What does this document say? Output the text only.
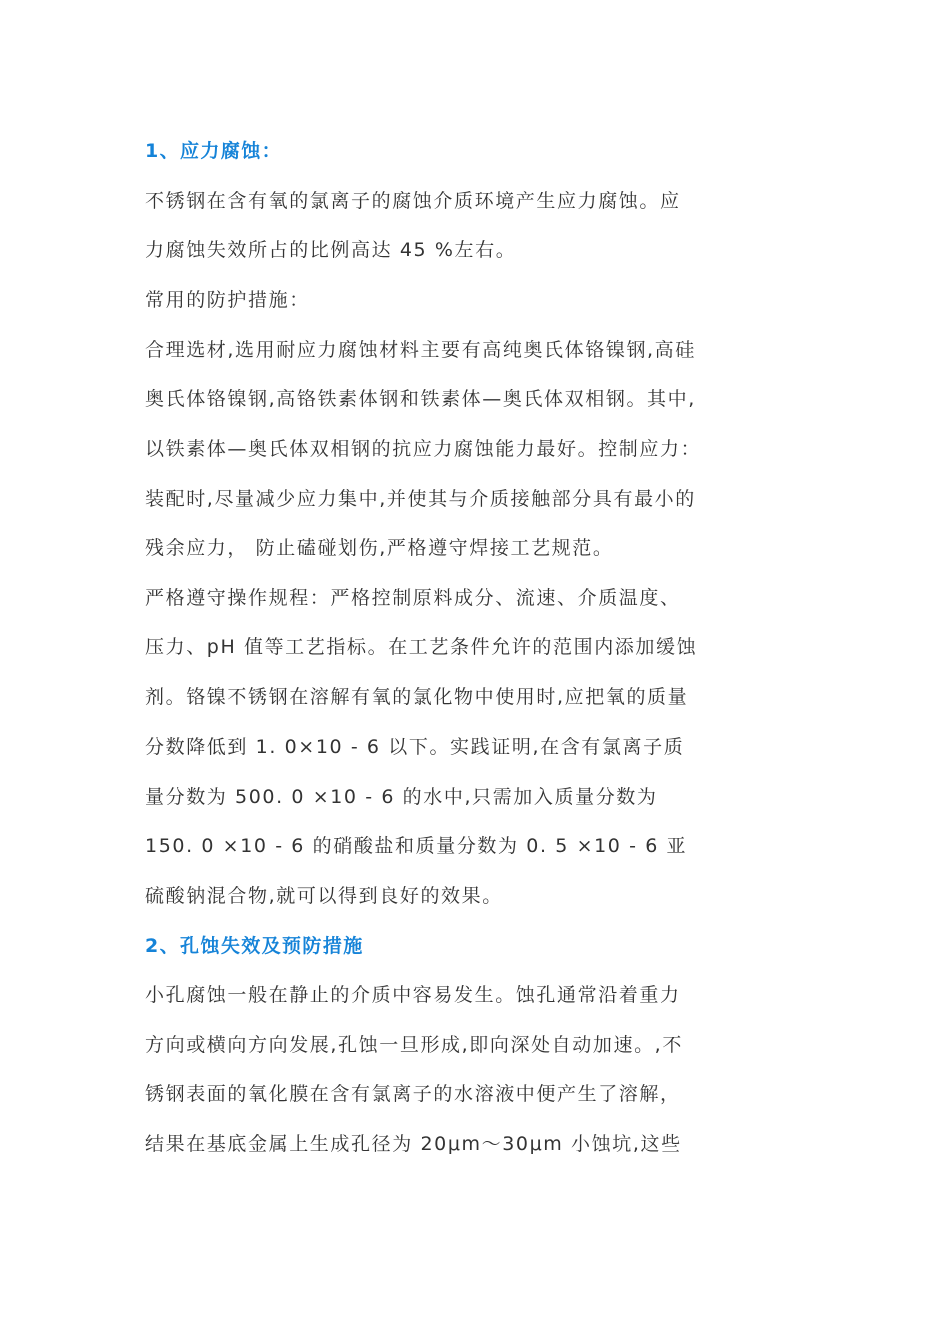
1、应力腐蚀：
不锈钢在含有氧的氯离子的腐蚀介质环境产生应力腐蚀。应
力腐蚀失效所占的比例高达 45 %左右。
常用的防护措施：
合理选材,选用耐应力腐蚀材料主要有高纯奥氏体铬镍钢,高硅
奥氏体铬镍钢,高铬铁素体钢和铁素体—奥氏体双相钢。其中,
以铁素体—奥氏体双相钢的抗应力腐蚀能力最好。控制应力：
装配时,尽量减少应力集中,并使其与介质接触部分具有最小的
残余应力， 防止磕碰划伤,严格遵守焊接工艺规范。
严格遵守操作规程：严格控制原料成分、流速、介质温度、
压力、pH 值等工艺指标。在工艺条件允许的范围内添加缓蚀
剂。铬镍不锈钢在溶解有氧的氯化物中使用时,应把氧的质量
分数降低到 1. 0×10 - 6 以下。实践证明,在含有氯离子质
量分数为 500. 0 ×10 - 6 的水中,只需加入质量分数为
150. 0 ×10 - 6 的硝酸盐和质量分数为 0. 5 ×10 - 6 亚
硫酸钠混合物,就可以得到良好的效果。
2、孔蚀失效及预防措施
小孔腐蚀一般在静止的介质中容易发生。蚀孔通常沿着重力
方向或横向方向发展,孔蚀一旦形成,即向深处自动加速。,不
锈钢表面的氧化膜在含有氯离子的水溶液中便产生了溶解，
结果在基底金属上生成孔径为 20μm～30μm 小蚀坑,这些
